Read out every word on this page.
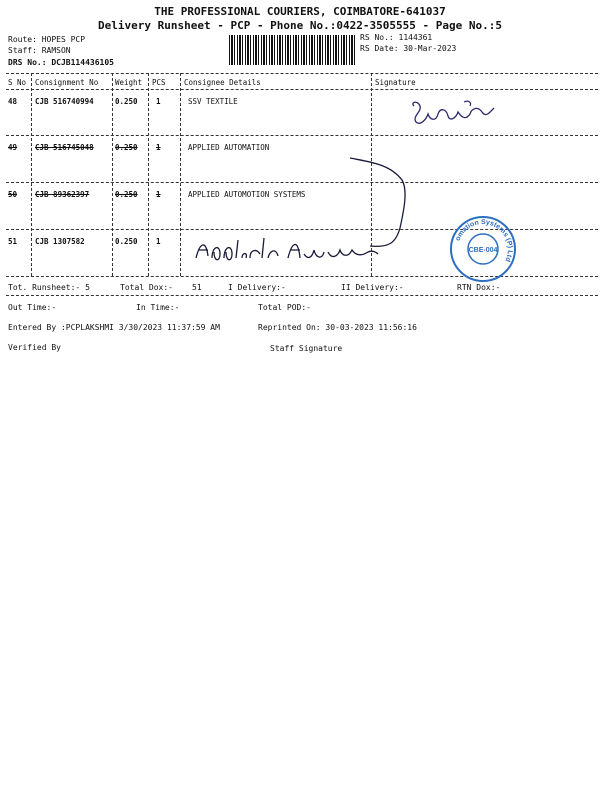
THE PROFESSIONAL COURIERS, COIMBATORE-641037
Delivery Runsheet - PCP - Phone No.:0422-3505555 - Page No.:5
Route: HOPES PCP
Staff: RAMSON
DRS No.: DCJB114436105
RS No.: 1144361
RS Date: 30-Mar-2023
S No Consignment No Weight PCS Consignee Details	Signature
48 CJB 516740994	0.250 1	SSV TEXTILE
49 CJB 516745048	0.250 1	APPLIED AUTOMATION
50 CJB 89362397	0.250 1	APPLIED AUTOMOTION SYSTEMS
51 CJB 1307582	0.250 1	omation Systems (P) Ltd
CBE-004
Tot. Runsheet:- 5	Total Dox:- 51	I Delivery:-	II Delivery:-	RTN Dox:-
Out Time:-	In Time:-	Total POD:-
Entered By :PCPLAKSHMI 3/30/2023 11:37:59 AM	Reprinted On: 30-03-2023 11:56:16
Verified By	Staff Signature
